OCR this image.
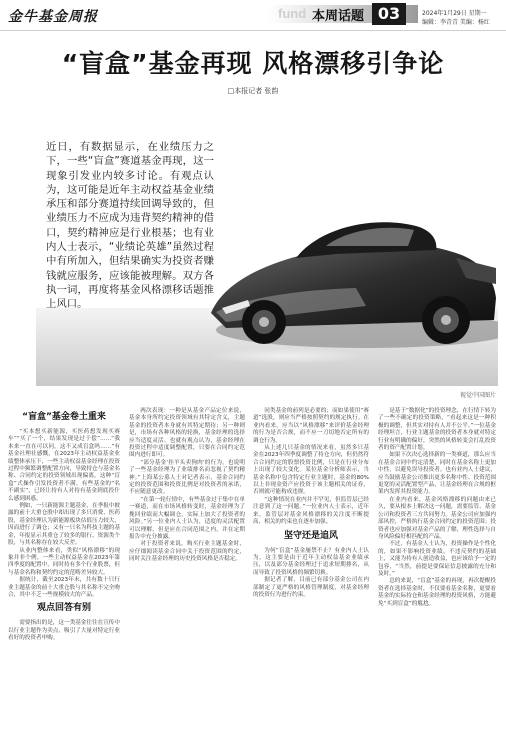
金牛基金周报	fund 本周话题 03	2024年1月29日 星期一
编辑：李青青 美编：杨红
“盲盒”基金再现 风格漂移引争论
□本报记者 张韵
近日，有数据显示，在业绩压力之下，一些“盲盒”赛道基金再现，这一现象引发业内较多讨论。有观点认为，这可能是近年主动权益基金业绩承压和部分赛道持续回调导致的，但业绩压力不应成为违背契约精神的借口，契约精神应是行业根基；也有业内人士表示，“业绩论英雄”虽然过程中有所加入，但结果确实为投资者赚钱就应服务，应该能被理解。双方各执一词，再度将基金风格漂移话题推上风口。
视觉中国图片
“盲盒”基金卷土重来

“买本想买新能源，买医药想发现买赛车”“买了一个，结果发现是过于偿”……“我本来一直在可以问，这不又成盲盒吗……”有基金社理社感慨，在2023年主动权益基金业绩整体承压下，一些主动权益基金经理在投资过程中频繁调整配置方向，导致持仓与基金名称、合同约定的投资领域出现偏离，这种“盲盒”式操作引发投资者不满。有些基金的“名不副实”，已经让持有人对持有基金到底投什么感到困惑。

例如，一只新能源主题基金，在季报中披露的前十大重仓股中却出现了多只消费、医药股，基金经理认为新能源板块估值压力较大，因而进行了调仓；又有一只名为科技主题的基金，年报显示其重仓了较多的银行、资源类个股，与其名称存在较大反差。

从业内整体来看，类似“风格漂移”的现象并非个例。一些主动权益基金在2023年第四季度的配置中，同时持有多个行业股票，但与基金名称和契约约定的范畴差异较大。

据统计，截至2023年末，共有数十只行业主题基金的前十大重仓股与其名称不完全吻合，其中不乏一些规模较大的产品。

观点回答有别

需要指出的是，这一类基金往往在宣传中以行业主题作为卖点，吸引了大量对特定行业看好的投资者申购。

两次表现：一种是从基金产品定位来说，基金本身所约定投资领域有其特定含义，主题基金的投资者本身就有其特定期待；另一种则是，市场有各种风格的轮换，基金经理的选择应当适度灵活。也就有观点认为，基金经理在投资过程中适度调整配置，只要在合同约定范围内进行即可。

“部分基金‘挂羊头卖狗肉’的行为，也说明了一些基金经理为了业绩排名而忽视了契约精神。”上海某公募人士对记者表示，基金合同约定的投资范围和投资比例是对投资者的承诺，不应随意更改。

“在第一轮行情中，有些基金过于集中在单一赛道，而在市场风格转变时，基金经理为了挽回业绩而大幅调仓，实际上加大了投资者的风险。”另一位业内人士认为，适度的灵活配置可以理解，但是应在合同范围之内，并在定期报告中充分披露。

对于投资者来说，购买行业主题基金时，应仔细阅读基金合同中关于投资范围的约定，同时关注基金经理的历史投资风格是否稳定。

同类基金的前列是必要的；而如果使用“赛道”选股，则应当严格按照契约的规定执行。在业内看来，应当以“风格漂移”来评价基金经理的行为是否合规，而不应一刀切地否定所有的调仓行为。

从上述几只基金的情况来看，虽然多只基金在2023年四季度调整了持仓方向，但仍然符合合同约定的股票投资比例，只是在行业分布上出现了较大变化。某位基金分析师表示，当基金名称中包含特定行业主题时，基金的80%以上非现金资产应投资于该主题相关的证券，否则就可能构成违规。

“这种情况在业内并不罕见，但监管层已经注意到了这一问题。”一位业内人士表示，近年来，监管层对基金风格漂移的关注度不断提高，相关的约束也在逐步加强。

坚守还是追风

为何“盲盒”基金屡禁不止？有业内人士认为，这主要是由于近年主动权益基金业绩承压，以及部分基金经理过于追求短期排名，从而导致了投资风格的频繁切换。

据记者了解，目前已有部分基金公司在内部制定了更严格的风格管理制度，对基金经理的投资行为进行约束。

是基于“数据化”的投资理念，在行情下转为了一些不确定的投资策略，“看起来这是一种积极的调整，但其实对持有人并不公平。”一位基金经理坦言，行业主题基金的投资者本身就对特定行业有明确的偏好，突然的风格转变会打乱投资者的资产配置计划。

如果下次决心选择新的一类赛道，那么应当在基金合同中约定清楚，同时在基金名称上更加中性，以避免误导投资者。也有业内人士建议，应当鼓励基金公司推出更多名称中性、投资范围更宽的灵活配置型产品，让基金经理在合规的框架内发挥其投资能力。

在业内看来，基金风格漂移的问题由来已久，要从根本上解决这一问题，需要监管、基金公司和投资者三方共同努力。基金公司应加强内部风控，严格执行基金合同约定的投资范围；投资者也应加强对基金产品的了解，理性选择与自身风险偏好相匹配的产品。

不过，有基金人士认为，投资操作是个性化的，如果不影响投资业绩，不违反契约的基础上，又能为持有人创造收益，也应该给予一定的包容，“当然，前提是要保证信息披露的充分和及时。”

总的来说，“盲盒”基金的再现，再次提醒投资者在选择基金时，不仅要看基金名称，更要看基金的实际持仓和基金经理的投资风格，方能避免“买到盲盒”的尴尬。
